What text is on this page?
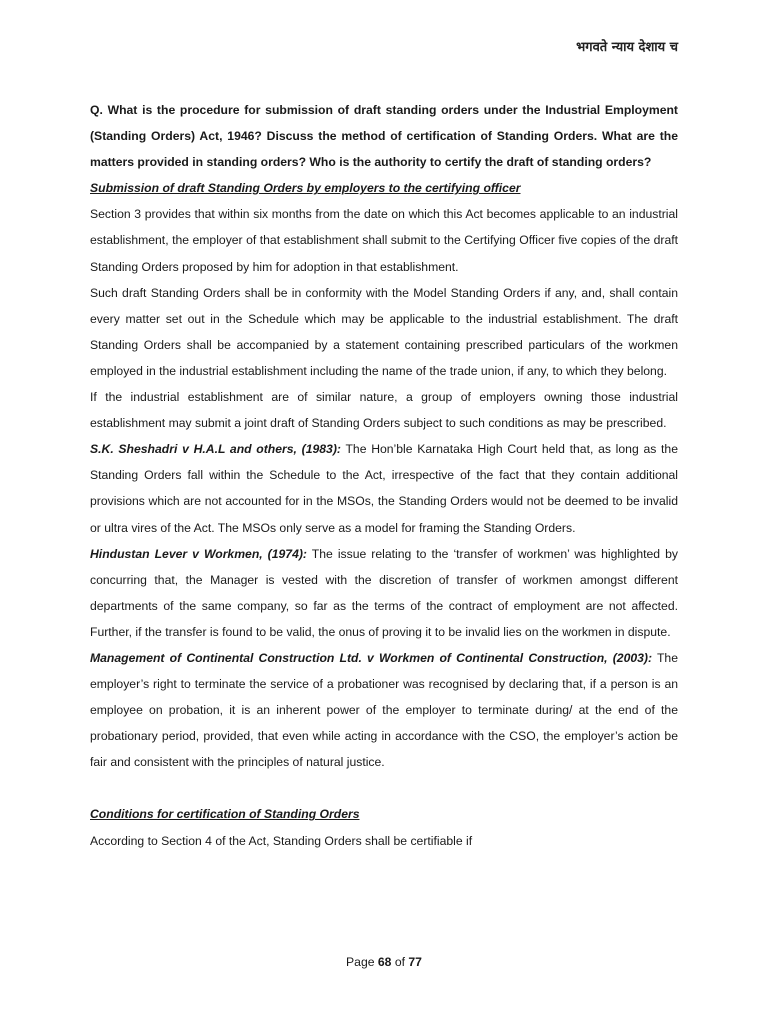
भगवते न्याय देशाय च

Q. What is the procedure for submission of draft standing orders under the Industrial Employment (Standing Orders) Act, 1946? Discuss the method of certification of Standing Orders. What are the matters provided in standing orders? Who is the authority to certify the draft of standing orders?

Submission of draft Standing Orders by employers to the certifying officer

Section 3 provides that within six months from the date on which this Act becomes applicable to an industrial establishment, the employer of that establishment shall submit to the Certifying Officer five copies of the draft Standing Orders proposed by him for adoption in that establishment.

Such draft Standing Orders shall be in conformity with the Model Standing Orders if any, and, shall contain every matter set out in the Schedule which may be applicable to the industrial establishment. The draft Standing Orders shall be accompanied by a statement containing prescribed particulars of the workmen employed in the industrial establishment including the name of the trade union, if any, to which they belong.

If the industrial establishment are of similar nature, a group of employers owning those industrial establishment may submit a joint draft of Standing Orders subject to such conditions as may be prescribed.

S.K. Sheshadri v H.A.L and others, (1983): The Hon’ble Karnataka High Court held that, as long as the Standing Orders fall within the Schedule to the Act, irrespective of the fact that they contain additional provisions which are not accounted for in the MSOs, the Standing Orders would not be deemed to be invalid or ultra vires of the Act. The MSOs only serve as a model for framing the Standing Orders.

Hindustan Lever v Workmen, (1974): The issue relating to the ‘transfer of workmen’ was highlighted by concurring that, the Manager is vested with the discretion of transfer of workmen amongst different departments of the same company, so far as the terms of the contract of employment are not affected. Further, if the transfer is found to be valid, the onus of proving it to be invalid lies on the workmen in dispute.

Management of Continental Construction Ltd. v Workmen of Continental Construction, (2003): The employer’s right to terminate the service of a probationer was recognised by declaring that, if a person is an employee on probation, it is an inherent power of the employer to terminate during/ at the end of the probationary period, provided, that even while acting in accordance with the CSO, the employer’s action be fair and consistent with the principles of natural justice.

Conditions for certification of Standing Orders

According to Section 4 of the Act, Standing Orders shall be certifiable if

Page 68 of 77
